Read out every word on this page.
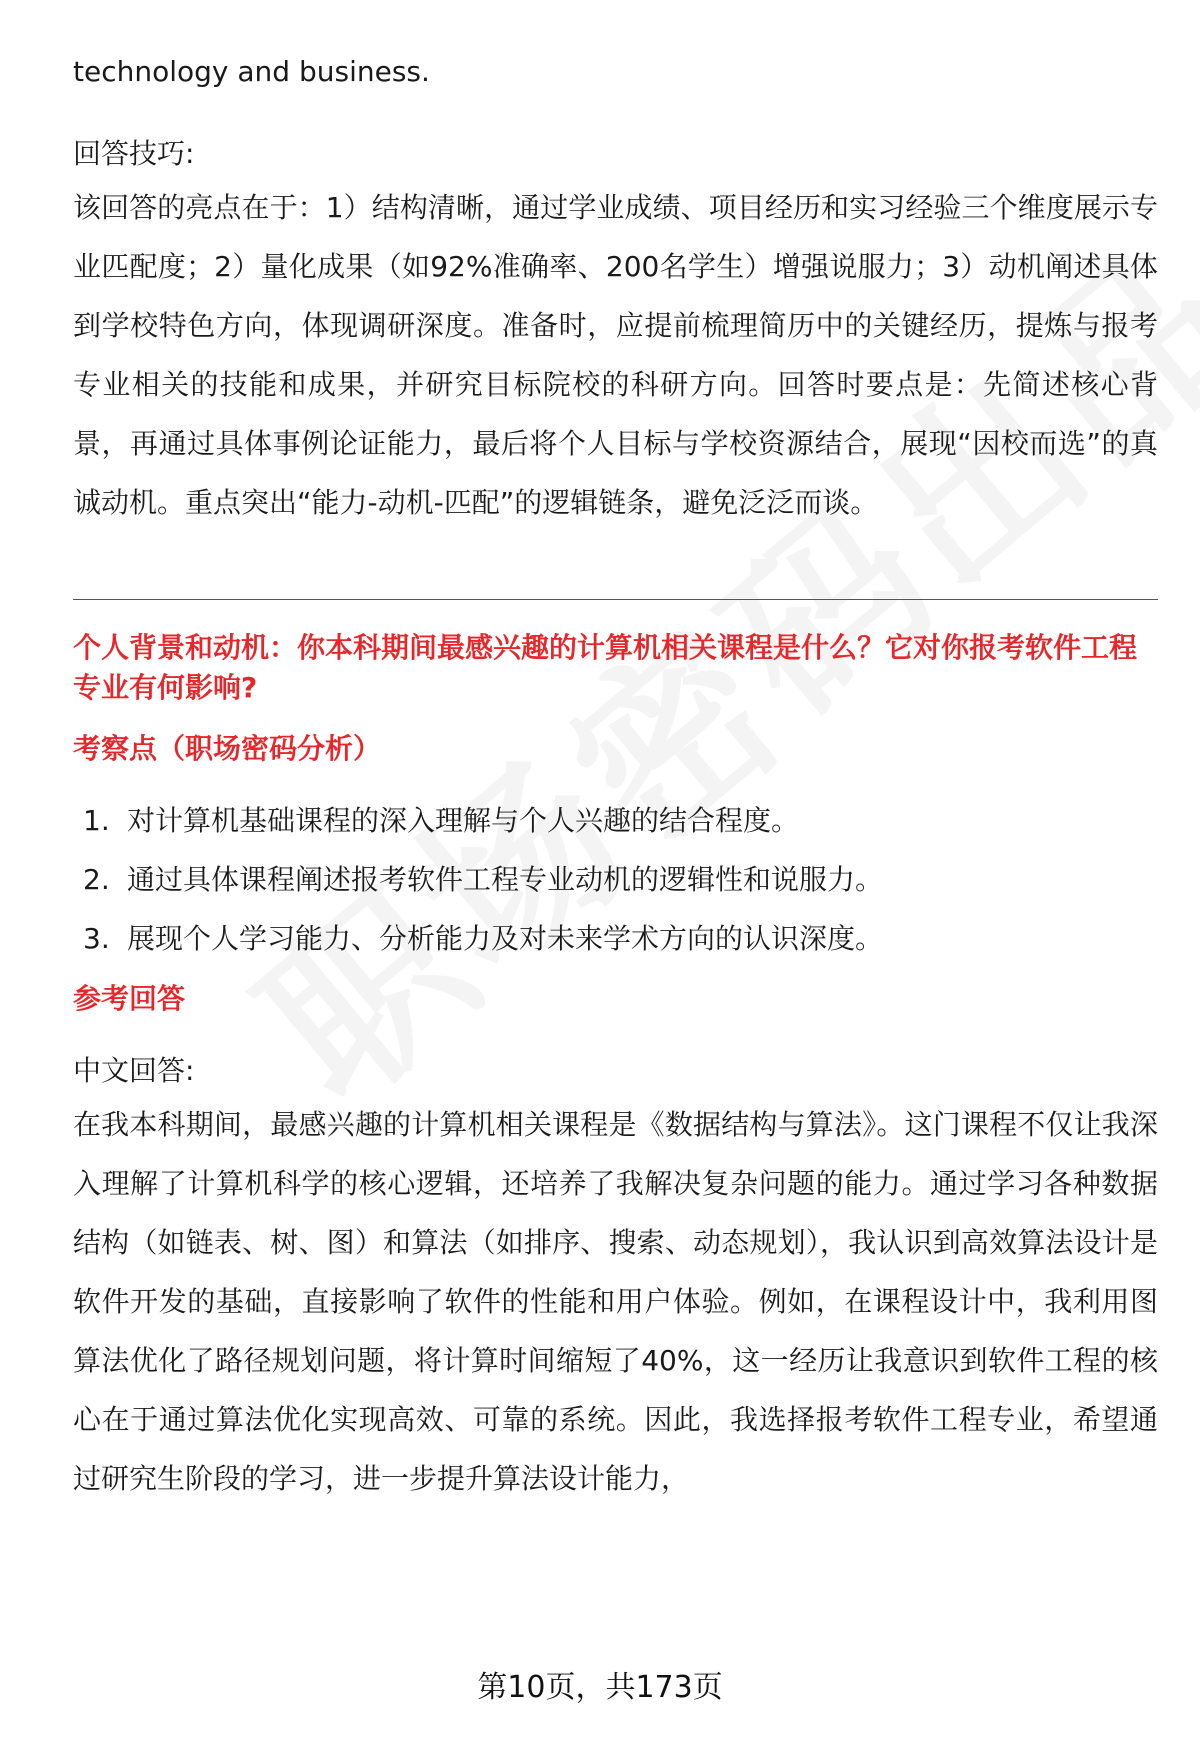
technology and business.

回答技巧:

该回答的亮点在于：1）结构清晰，通过学业成绩、项目经历和实习经验三个维度展示专业匹配度；2）量化成果（如92%准确率、200名学生）增强说服力；3）动机阐述具体到学校特色方向，体现调研深度。准备时，应提前梳理简历中的关键经历，提炼与报考专业相关的技能和成果，并研究目标院校的科研方向。回答时要点是：先简述核心背景，再通过具体事例论证能力，最后将个人目标与学校资源结合，展现“因校而选”的真诚动机。重点突出“能力-动机-匹配”的逻辑链条，避免泛泛而谈。

个人背景和动机：你本科期间最感兴趣的计算机相关课程是什么？它对你报考软件工程专业有何影响?

考察点（职场密码分析）

1. 对计算机基础课程的深入理解与个人兴趣的结合程度。
2. 通过具体课程阐述报考软件工程专业动机的逻辑性和说服力。
3. 展现个人学习能力、分析能力及对未来学术方向的认识深度。

参考回答

中文回答:

在我本科期间，最感兴趣的计算机相关课程是《数据结构与算法》。这门课程不仅让我深入理解了计算机科学的核心逻辑，还培养了我解决复杂问题的能力。通过学习各种数据结构（如链表、树、图）和算法（如排序、搜索、动态规划），我认识到高效算法设计是软件开发的基础，直接影响了软件的性能和用户体验。例如，在课程设计中，我利用图算法优化了路径规划问题，将计算时间缩短了40%，这一经历让我意识到软件工程的核心在于通过算法优化实现高效、可靠的系统。因此，我选择报考软件工程专业，希望通过研究生阶段的学习，进一步提升算法设计能力，

第10页，共173页
